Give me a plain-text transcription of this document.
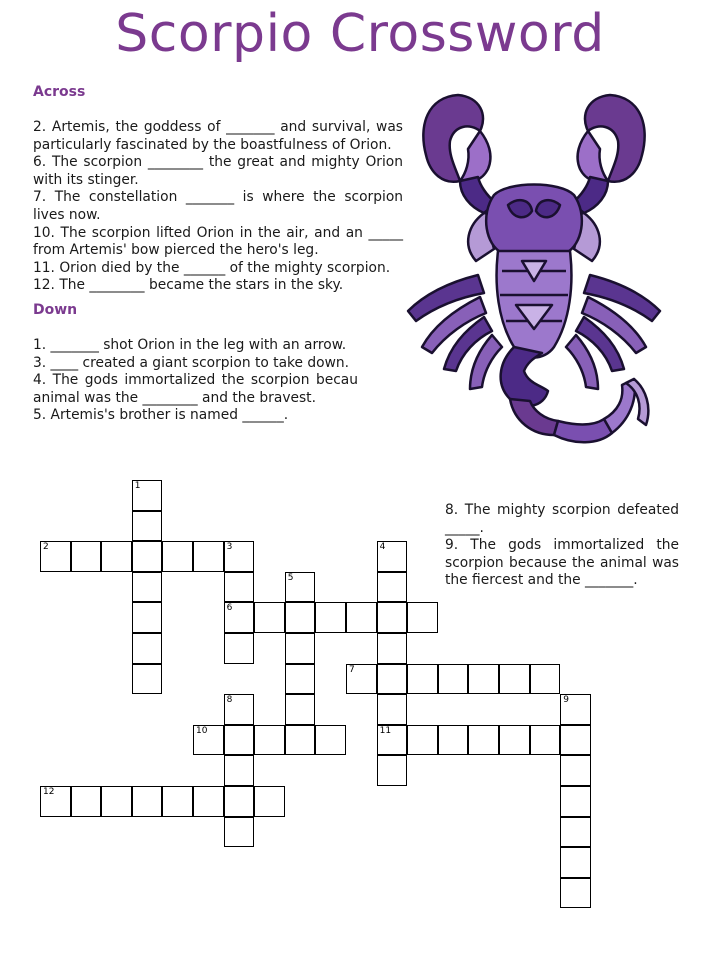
Scorpio Crossword
Across

2. Artemis, the goddess of _______ and survival, was particularly fascinated by the boastfulness of Orion.

6. The scorpion ________ the great and mighty Orion with its stinger.

7. The constellation _______ is where the scorpion lives now.

10. The scorpion lifted Orion in the air, and an _____ from Artemis' bow pierced the hero's leg.

11. Orion died by the ______ of the mighty scorpion.

12. The ________ became the stars in the sky.

Down

1. _______ shot Orion in the leg with an arrow.

3. ____ created a giant scorpion to take down.

4. The gods immortalized the scorpion becau animal was the ________ and the bravest.

5. Artemis's brother is named ______.

8. The mighty scorpion defeated _____.

9. The gods immortalized the scorpion because the animal was the fiercest and the _______.

1
2	3
6
4
11
5
7
8	9
10
12
